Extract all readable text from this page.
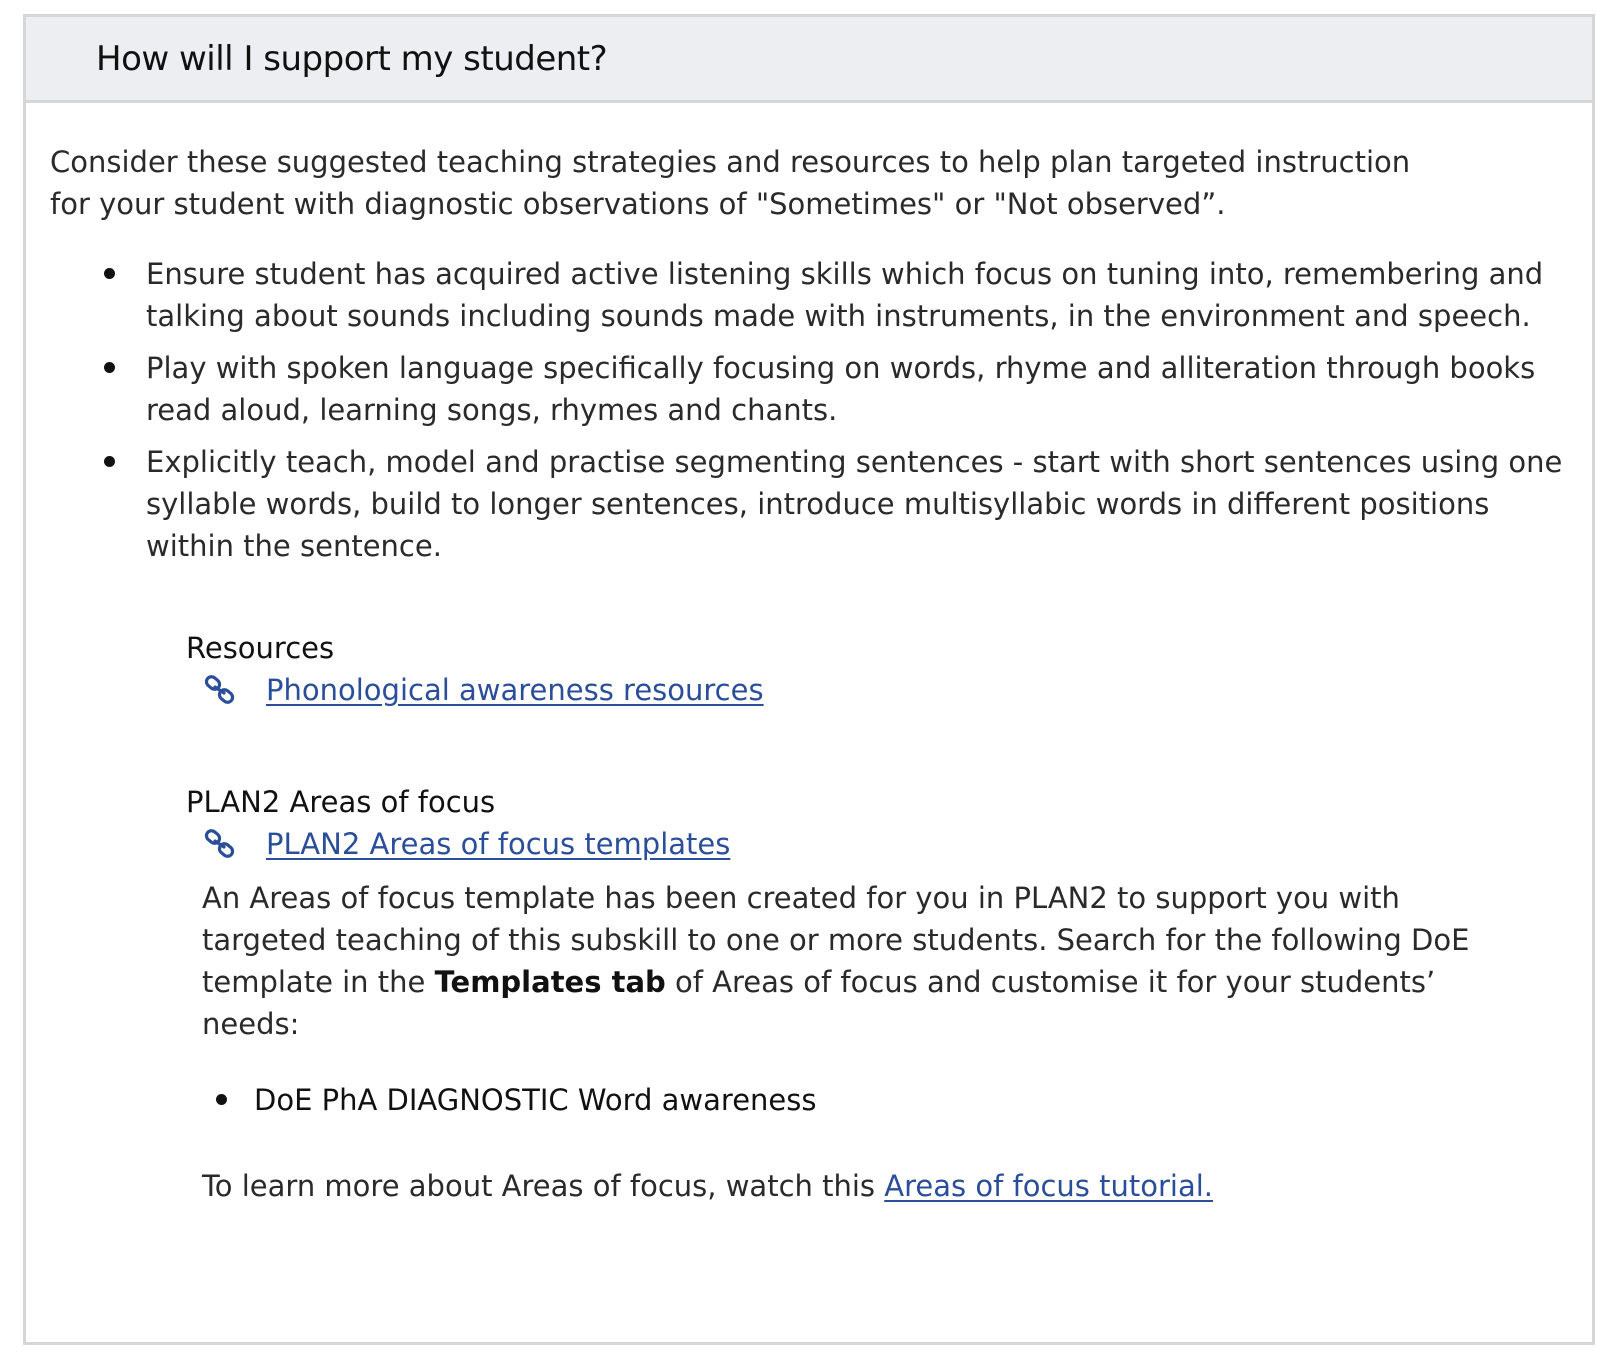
How will I support my student?

Consider these suggested teaching strategies and resources to help plan targeted instruction for your student with diagnostic observations of "Sometimes" or "Not observed”.

Ensure student has acquired active listening skills which focus on tuning into, remembering and talking about sounds including sounds made with instruments, in the environment and speech.
Play with spoken language specifically focusing on words, rhyme and alliteration through books read aloud, learning songs, rhymes and chants.
Explicitly teach, model and practise segmenting sentences - start with short sentences using one syllable words, build to longer sentences, introduce multisyllabic words in different positions within the sentence.
Resources
Phonological awareness resources
PLAN2 Areas of focus
PLAN2 Areas of focus templates

An Areas of focus template has been created for you in PLAN2 to support you with targeted teaching of this subskill to one or more students. Search for the following DoE template in the Templates tab of Areas of focus and customise it for your students’ needs:

DoE PhA DIAGNOSTIC Word awareness

To learn more about Areas of focus, watch this Areas of focus tutorial.
